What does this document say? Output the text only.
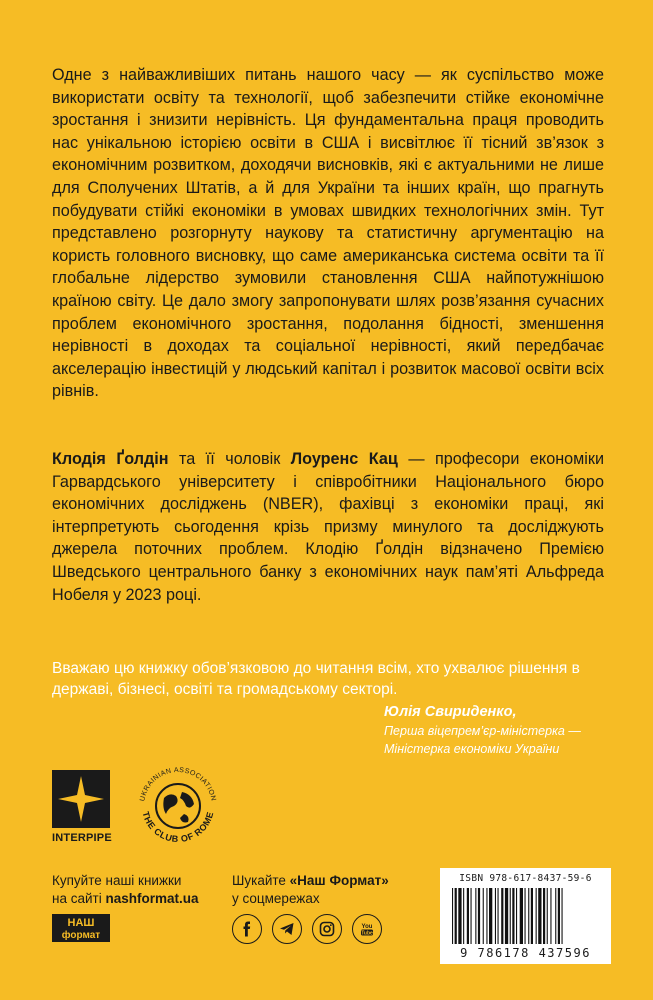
Одне з найважливіших питань нашого часу — як суспільство може використати освіту та технології, щоб забезпечити стійке економічне зростання і знизити нерівність. Ця фундаментальна праця проводить нас унікальною історією освіти в США і висвітлює її тісний зв’язок з економічним розвитком, доходячи висновків, які є актуальними не лише для Сполучених Штатів, а й для України та інших країн, що прагнуть побудувати стійкі економіки в умовах швидких технологічних змін. Тут представлено розгорнуту наукову та статистичну аргументацію на користь головного висновку, що саме американська система освіти та її глобальне лідерство зумовили становлення США найпотужнішою країною світу. Це дало змогу запропонувати шлях розв’язання сучасних проблем економічного зростання, подолання бідності, зменшення нерівності в доходах та соціальної нерівності, який передбачає акселерацію інвестицій у людський капітал і розвиток масової освіти всіх рівнів.

Клодія Ґолдін та її чоловік Лоуренс Кац — професори економіки Гарвардського університету і співробітники Національного бюро економічних досліджень (NBER), фахівці з економіки праці, які інтерпретують сьогодення крізь призму минулого та досліджують джерела поточних проблем. Клодію Ґолдін відзначено Премією Шведського центрального банку з економічних наук пам’яті Альфреда Нобеля у 2023 році.

Вважаю цю книжку обов’язковою до читання всім, хто ухвалює рішення в державі, бізнесі, освіті та громадському секторі.

Юлія Свириденко,
Перша віцепрем’єр-міністерка —
Міністерка економіки України
INTERPIPE
UKRAINIAN ASSOCIATION
THE CLUB OF ROME
Купуйте наші книжки
на сайті nashformat.ua
НАШ
формат
Шукайте «Наш Формат»
у соцмережах
You
Tube
ISBN 978-617-8437-59-6
9 786178 437596
